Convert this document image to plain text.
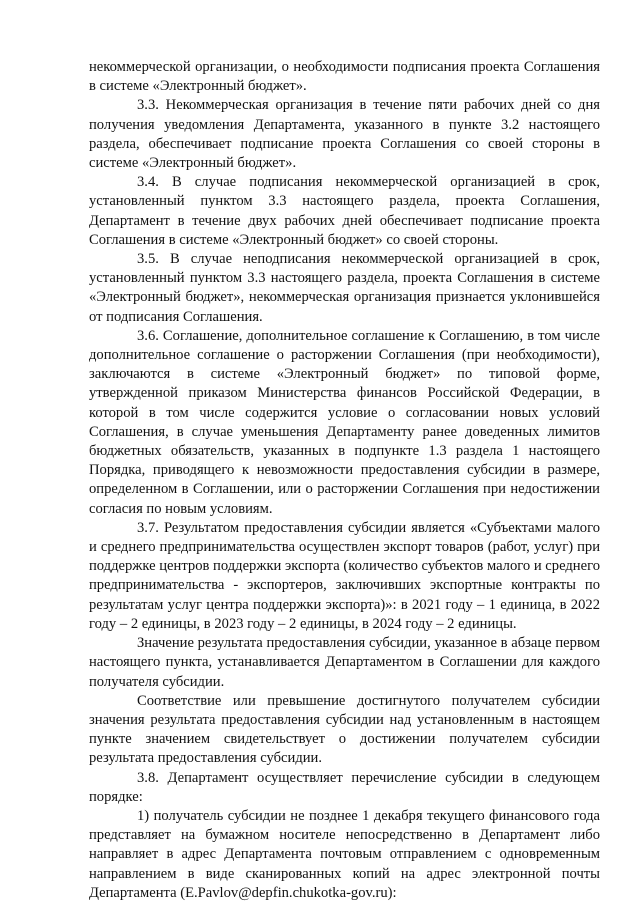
некоммерческой организации, о необходимости подписания проекта Соглашения в системе «Электронный бюджет».

3.3. Некоммерческая организация в течение пяти рабочих дней со дня получения уведомления Департамента, указанного в пункте 3.2 настоящего раздела, обеспечивает подписание проекта Соглашения со своей стороны в системе «Электронный бюджет».

3.4. В случае подписания некоммерческой организацией в срок, установленный пунктом 3.3 настоящего раздела, проекта Соглашения, Департамент в течение двух рабочих дней обеспечивает подписание проекта Соглашения в системе «Электронный бюджет» со своей стороны.

3.5. В случае неподписания некоммерческой организацией в срок, установленный пунктом 3.3 настоящего раздела, проекта Соглашения в системе «Электронный бюджет», некоммерческая организация признается уклонившейся от подписания Соглашения.

3.6. Соглашение, дополнительное соглашение к Соглашению, в том числе дополнительное соглашение о расторжении Соглашения (при необходимости), заключаются в системе «Электронный бюджет» по типовой форме, утвержденной приказом Министерства финансов Российской Федерации, в которой в том числе содержится условие о согласовании новых условий Соглашения, в случае уменьшения Департаменту ранее доведенных лимитов бюджетных обязательств, указанных в подпункте 1.3 раздела 1 настоящего Порядка, приводящего к невозможности предоставления субсидии в размере, определенном в Соглашении, или о расторжении Соглашения при недостижении согласия по новым условиям.

3.7. Результатом предоставления субсидии является «Субъектами малого и среднего предпринимательства осуществлен экспорт товаров (работ, услуг) при поддержке центров поддержки экспорта (количество субъектов малого и среднего предпринимательства - экспортеров, заключивших экспортные контракты по результатам услуг центра поддержки экспорта)»: в 2021 году – 1 единица, в 2022 году – 2 единицы, в 2023 году – 2 единицы, в 2024 году – 2 единицы.

Значение результата предоставления субсидии, указанное в абзаце первом настоящего пункта, устанавливается Департаментом в Соглашении для каждого получателя субсидии.

Соответствие или превышение достигнутого получателем субсидии значения результата предоставления субсидии над установленным в настоящем пункте значением свидетельствует о достижении получателем субсидии результата предоставления субсидии.

3.8. Департамент осуществляет перечисление субсидии в следующем порядке:

1) получатель субсидии не позднее 1 декабря текущего финансового года представляет на бумажном носителе непосредственно в Департамент либо направляет в адрес Департамента почтовым отправлением с одновременным направлением в виде сканированных копий на адрес электронной почты Департамента (E.Pavlov@depfin.chukotka-gov.ru):
